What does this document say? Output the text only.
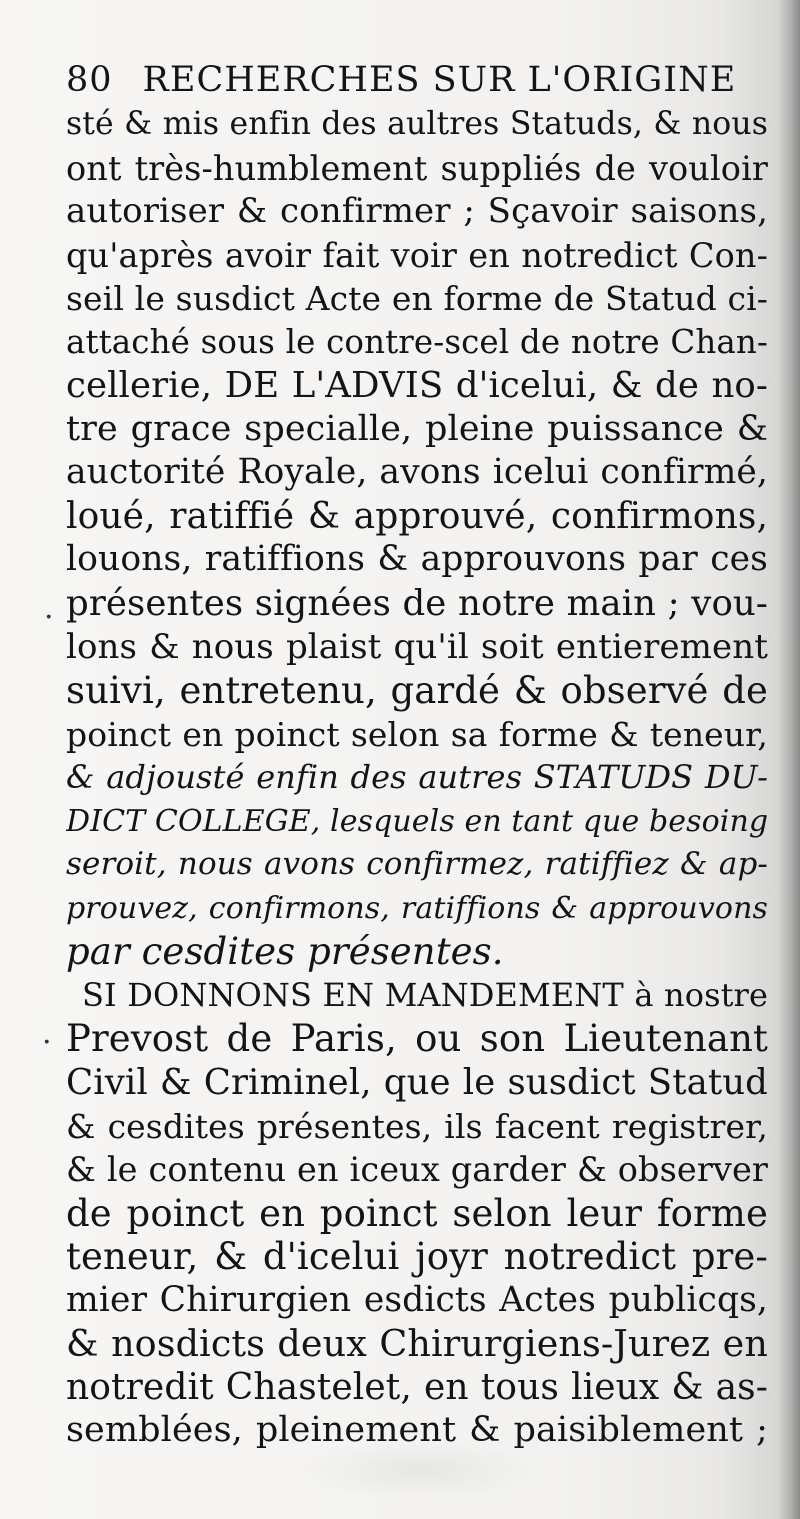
80 RECHERCHES SUR L'ORIGINE
sté & mis enfin des aultres Statuds, & nous
ont très-humblement suppliés de vouloir
autoriser & confirmer ; Sçavoir saisons,
qu'après avoir fait voir en notredict Con-
seil le susdict Acte en forme de Statud ci-
attaché sous le contre-scel de notre Chan-
cellerie, DE L'ADVIS d'icelui, & de no-
tre grace specialle, pleine puissance &
auctorité Royale, avons icelui confirmé,
loué, ratiffié & approuvé, confirmons,
louons, ratiffions & approuvons par ces
présentes signées de notre main ; vou-
lons & nous plaist qu'il soit entierement
suivi, entretenu, gardé & observé de
poinct en poinct selon sa forme & teneur,
& adjousté enfin des autres STATUDS DU-
DICT COLLEGE, lesquels en tant que besoing
seroit, nous avons confirmez, ratiffiez & ap-
prouvez, confirmons, ratiffions & approuvons
par cesdites présentes.
SI DONNONS EN MANDEMENT à nostre
Prevost de Paris, ou son Lieutenant
Civil & Criminel, que le susdict Statud
& cesdites présentes, ils facent registrer,
& le contenu en iceux garder & observer
de poinct en poinct selon leur forme
teneur, & d'icelui joyr notredict pre-
mier Chirurgien esdicts Actes publicqs,
& nosdicts deux Chirurgiens-Jurez en
notredit Chastelet, en tous lieux & as-
semblées, pleinement & paisiblement ;
.
·
